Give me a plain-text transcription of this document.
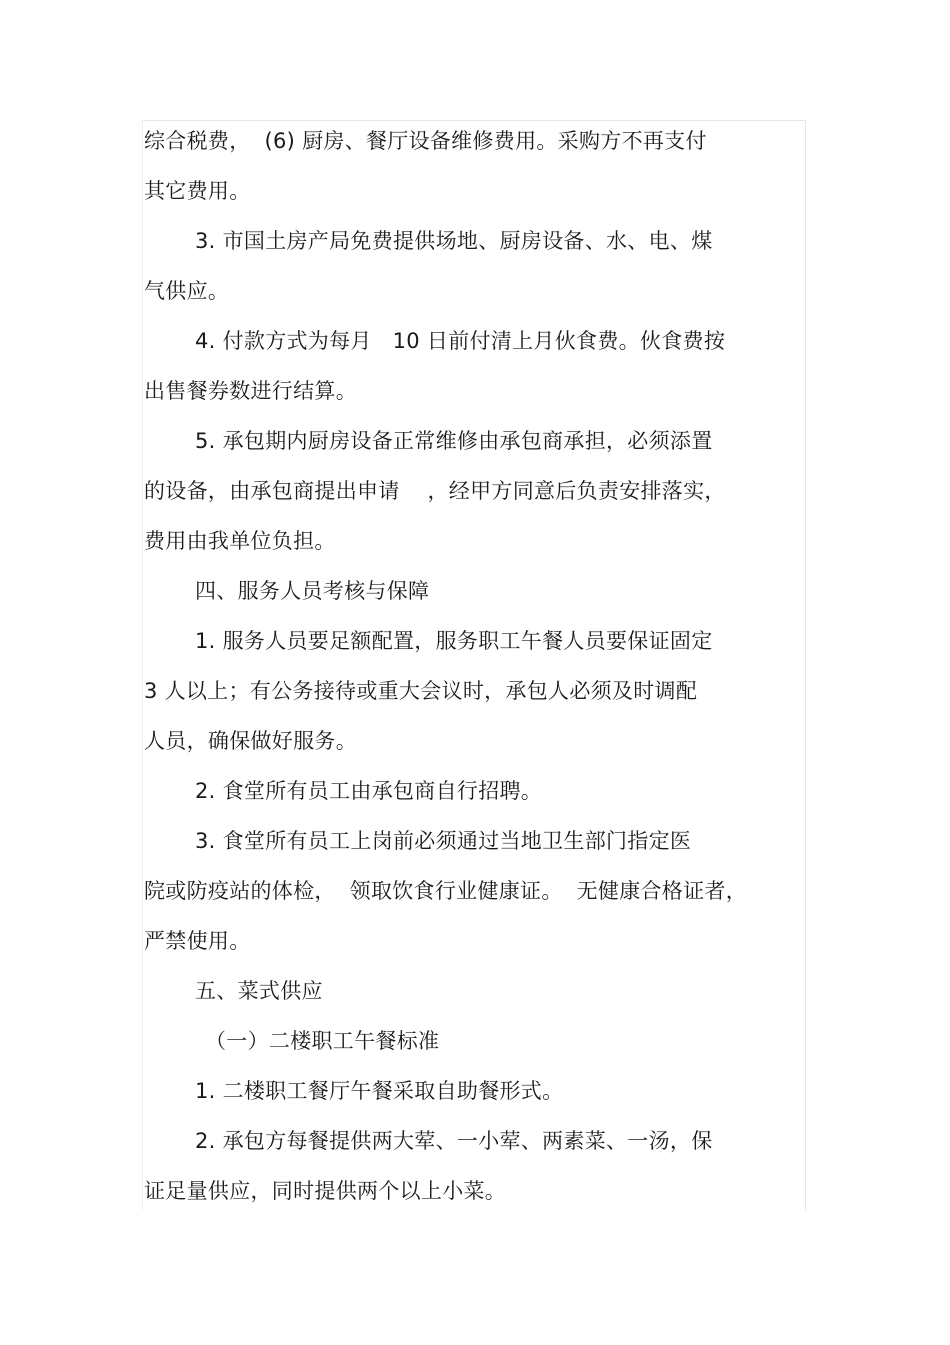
综合税费，  (6) 厨房、餐厅设备维修费用。采购方不再支付
其它费用。
3. 市国土房产局免费提供场地、厨房设备、水、电、煤
气供应。
4. 付款方式为每月   10 日前付清上月伙食费。伙食费按
出售餐券数进行结算。
5. 承包期内厨房设备正常维修由承包商承担，必须添置
的设备，由承包商提出申请    ，经甲方同意后负责安排落实，
费用由我单位负担。
四、服务人员考核与保障
1. 服务人员要足额配置，服务职工午餐人员要保证固定
3 人以上；有公务接待或重大会议时，承包人必须及时调配
人员，确保做好服务。
2. 食堂所有员工由承包商自行招聘。
3. 食堂所有员工上岗前必须通过当地卫生部门指定医
院或防疫站的体检，  领取饮食行业健康证。  无健康合格证者，
严禁使用。
五、菜式供应
（一）二楼职工午餐标准
1. 二楼职工餐厅午餐采取自助餐形式。
2. 承包方每餐提供两大荤、一小荤、两素菜、一汤，保
证足量供应，同时提供两个以上小菜。
